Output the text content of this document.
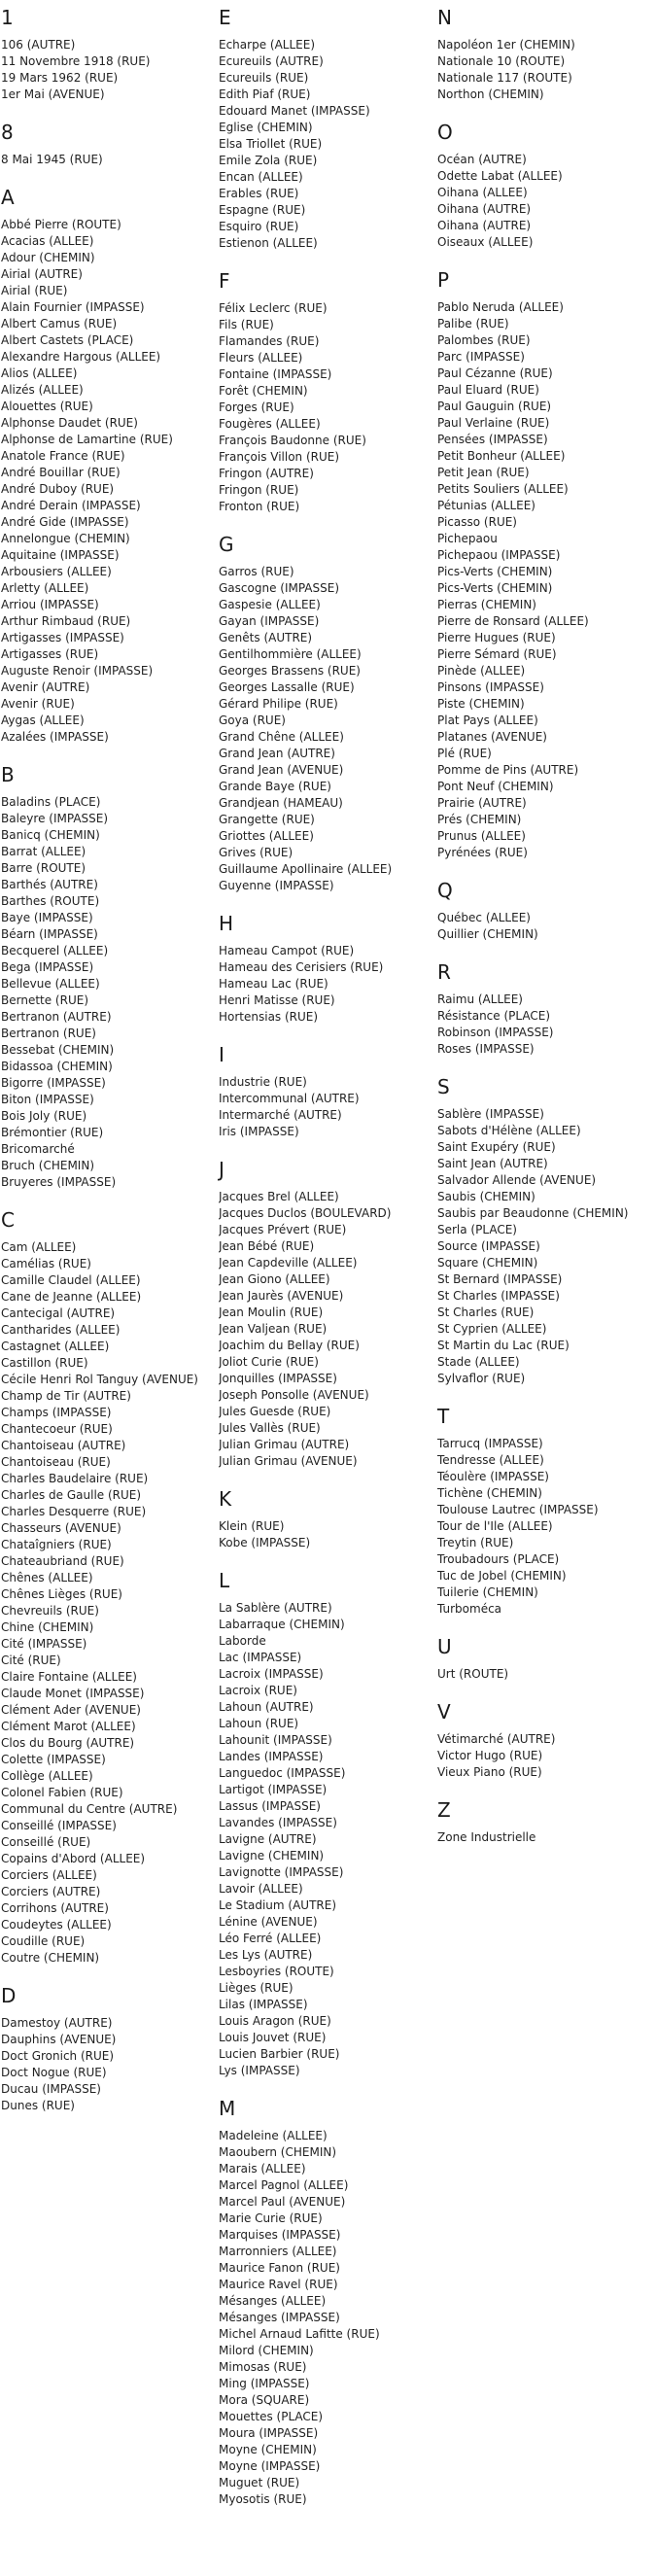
1
106 (AUTRE)
11 Novembre 1918 (RUE)
19 Mars 1962 (RUE)
1er Mai (AVENUE)
8
8 Mai 1945 (RUE)
A
Abbé Pierre (ROUTE)
Acacias (ALLEE)
Adour (CHEMIN)
Airial (AUTRE)
Airial (RUE)
Alain Fournier (IMPASSE)
Albert Camus (RUE)
Albert Castets (PLACE)
Alexandre Hargous (ALLEE)
Alios (ALLEE)
Alizés (ALLEE)
Alouettes (RUE)
Alphonse Daudet (RUE)
Alphonse de Lamartine (RUE)
Anatole France (RUE)
André Bouillar (RUE)
André Duboy (RUE)
André Derain (IMPASSE)
André Gide (IMPASSE)
Annelongue (CHEMIN)
Aquitaine (IMPASSE)
Arbousiers (ALLEE)
Arletty (ALLEE)
Arriou (IMPASSE)
Arthur Rimbaud (RUE)
Artigasses (IMPASSE)
Artigasses (RUE)
Auguste Renoir (IMPASSE)
Avenir (AUTRE)
Avenir (RUE)
Aygas (ALLEE)
Azalées (IMPASSE)
B
Baladins (PLACE)
Baleyre (IMPASSE)
Banicq (CHEMIN)
Barrat (ALLEE)
Barre (ROUTE)
Barthés (AUTRE)
Barthes (ROUTE)
Baye (IMPASSE)
Béarn (IMPASSE)
Becquerel (ALLEE)
Bega (IMPASSE)
Bellevue (ALLEE)
Bernette (RUE)
Bertranon (AUTRE)
Bertranon (RUE)
Bessebat (CHEMIN)
Bidassoa (CHEMIN)
Bigorre (IMPASSE)
Biton (IMPASSE)
Bois Joly (RUE)
Brémontier (RUE)
Bricomarché
Bruch (CHEMIN)
Bruyeres (IMPASSE)
C
Cam (ALLEE)
Camélias (RUE)
Camille Claudel (ALLEE)
Cane de Jeanne (ALLEE)
Cantecigal (AUTRE)
Cantharides (ALLEE)
Castagnet (ALLEE)
Castillon (RUE)
Cécile Henri Rol Tanguy (AVENUE)
Champ de Tir (AUTRE)
Champs (IMPASSE)
Chantecoeur (RUE)
Chantoiseau (AUTRE)
Chantoiseau (RUE)
Charles Baudelaire (RUE)
Charles de Gaulle (RUE)
Charles Desquerre (RUE)
Chasseurs (AVENUE)
Chataîgniers (RUE)
Chateaubriand (RUE)
Chênes (ALLEE)
Chênes Lièges (RUE)
Chevreuils (RUE)
Chine (CHEMIN)
Cité (IMPASSE)
Cité (RUE)
Claire Fontaine (ALLEE)
Claude Monet (IMPASSE)
Clément Ader (AVENUE)
Clément Marot (ALLEE)
Clos du Bourg (AUTRE)
Colette (IMPASSE)
Collège (ALLEE)
Colonel Fabien (RUE)
Communal du Centre (AUTRE)
Conseillé (IMPASSE)
Conseillé (RUE)
Copains d'Abord (ALLEE)
Corciers (ALLEE)
Corciers (AUTRE)
Corrihons (AUTRE)
Coudeytes (ALLEE)
Coudille (RUE)
Coutre (CHEMIN)
D
Damestoy (AUTRE)
Dauphins (AVENUE)
Doct Gronich (RUE)
Doct Nogue (RUE)
Ducau (IMPASSE)
Dunes (RUE)
E
Echarpe (ALLEE)
Ecureuils (AUTRE)
Ecureuils (RUE)
Edith Piaf (RUE)
Edouard Manet (IMPASSE)
Eglise (CHEMIN)
Elsa Triollet (RUE)
Emile Zola (RUE)
Encan (ALLEE)
Erables (RUE)
Espagne (RUE)
Esquiro (RUE)
Estienon (ALLEE)
F
Félix Leclerc (RUE)
Fils (RUE)
Flamandes (RUE)
Fleurs (ALLEE)
Fontaine (IMPASSE)
Forêt (CHEMIN)
Forges (RUE)
Fougères (ALLEE)
François Baudonne (RUE)
François Villon (RUE)
Fringon (AUTRE)
Fringon (RUE)
Fronton (RUE)
G
Garros (RUE)
Gascogne (IMPASSE)
Gaspesie (ALLEE)
Gayan (IMPASSE)
Genêts (AUTRE)
Gentilhommière (ALLEE)
Georges Brassens (RUE)
Georges Lassalle (RUE)
Gérard Philipe (RUE)
Goya (RUE)
Grand Chêne (ALLEE)
Grand Jean (AUTRE)
Grand Jean (AVENUE)
Grande Baye (RUE)
Grandjean (HAMEAU)
Grangette (RUE)
Griottes (ALLEE)
Grives (RUE)
Guillaume Apollinaire (ALLEE)
Guyenne (IMPASSE)
H
Hameau Campot (RUE)
Hameau des Cerisiers (RUE)
Hameau Lac (RUE)
Henri Matisse (RUE)
Hortensias (RUE)
I
Industrie (RUE)
Intercommunal (AUTRE)
Intermarché (AUTRE)
Iris (IMPASSE)
J
Jacques Brel (ALLEE)
Jacques Duclos (BOULEVARD)
Jacques Prévert (RUE)
Jean Bébé (RUE)
Jean Capdeville (ALLEE)
Jean Giono (ALLEE)
Jean Jaurès (AVENUE)
Jean Moulin (RUE)
Jean Valjean (RUE)
Joachim du Bellay (RUE)
Joliot Curie (RUE)
Jonquilles (IMPASSE)
Joseph Ponsolle (AVENUE)
Jules Guesde (RUE)
Jules Vallès (RUE)
Julian Grimau (AUTRE)
Julian Grimau (AVENUE)
K
Klein (RUE)
Kobe (IMPASSE)
L
La Sablère (AUTRE)
Labarraque (CHEMIN)
Laborde
Lac (IMPASSE)
Lacroix (IMPASSE)
Lacroix (RUE)
Lahoun (AUTRE)
Lahoun (RUE)
Lahounit (IMPASSE)
Landes (IMPASSE)
Languedoc (IMPASSE)
Lartigot (IMPASSE)
Lassus (IMPASSE)
Lavandes (IMPASSE)
Lavigne (AUTRE)
Lavigne (CHEMIN)
Lavignotte (IMPASSE)
Lavoir (ALLEE)
Le Stadium (AUTRE)
Lénine (AVENUE)
Léo Ferré (ALLEE)
Les Lys (AUTRE)
Lesboyries (ROUTE)
Lièges (RUE)
Lilas (IMPASSE)
Louis Aragon (RUE)
Louis Jouvet (RUE)
Lucien Barbier (RUE)
Lys (IMPASSE)
M
Madeleine (ALLEE)
Maoubern (CHEMIN)
Marais (ALLEE)
Marcel Pagnol (ALLEE)
Marcel Paul (AVENUE)
Marie Curie (RUE)
Marquises (IMPASSE)
Marronniers (ALLEE)
Maurice Fanon (RUE)
Maurice Ravel (RUE)
Mésanges (ALLEE)
Mésanges (IMPASSE)
Michel Arnaud Lafitte (RUE)
Milord (CHEMIN)
Mimosas (RUE)
Ming (IMPASSE)
Mora (SQUARE)
Mouettes (PLACE)
Moura (IMPASSE)
Moyne (CHEMIN)
Moyne (IMPASSE)
Muguet (RUE)
Myosotis (RUE)
N
Napoléon 1er (CHEMIN)
Nationale 10 (ROUTE)
Nationale 117 (ROUTE)
Northon (CHEMIN)
O
Océan (AUTRE)
Odette Labat (ALLEE)
Oihana (ALLEE)
Oihana (AUTRE)
Oihana (AUTRE)
Oiseaux (ALLEE)
P
Pablo Neruda (ALLEE)
Palibe (RUE)
Palombes (RUE)
Parc (IMPASSE)
Paul Cézanne (RUE)
Paul Eluard (RUE)
Paul Gauguin (RUE)
Paul Verlaine (RUE)
Pensées (IMPASSE)
Petit Bonheur (ALLEE)
Petit Jean (RUE)
Petits Souliers (ALLEE)
Pétunias (ALLEE)
Picasso (RUE)
Pichepaou
Pichepaou (IMPASSE)
Pics-Verts (CHEMIN)
Pics-Verts (CHEMIN)
Pierras (CHEMIN)
Pierre de Ronsard (ALLEE)
Pierre Hugues (RUE)
Pierre Sémard (RUE)
Pinède (ALLEE)
Pinsons (IMPASSE)
Piste (CHEMIN)
Plat Pays (ALLEE)
Platanes (AVENUE)
Plé (RUE)
Pomme de Pins (AUTRE)
Pont Neuf (CHEMIN)
Prairie (AUTRE)
Prés (CHEMIN)
Prunus (ALLEE)
Pyrénées (RUE)
Q
Québec (ALLEE)
Quillier (CHEMIN)
R
Raimu (ALLEE)
Résistance (PLACE)
Robinson (IMPASSE)
Roses (IMPASSE)
S
Sablère (IMPASSE)
Sabots d'Hélène (ALLEE)
Saint Exupéry (RUE)
Saint Jean (AUTRE)
Salvador Allende (AVENUE)
Saubis (CHEMIN)
Saubis par Beaudonne (CHEMIN)
Serla (PLACE)
Source (IMPASSE)
Square (CHEMIN)
St Bernard (IMPASSE)
St Charles (IMPASSE)
St Charles (RUE)
St Cyprien (ALLEE)
St Martin du Lac (RUE)
Stade (ALLEE)
Sylvaflor (RUE)
T
Tarrucq (IMPASSE)
Tendresse (ALLEE)
Téoulère (IMPASSE)
Tichène (CHEMIN)
Toulouse Lautrec (IMPASSE)
Tour de l'Ile (ALLEE)
Treytin (RUE)
Troubadours (PLACE)
Tuc de Jobel (CHEMIN)
Tuilerie (CHEMIN)
Turboméca
U
Urt (ROUTE)
V
Vétimarché (AUTRE)
Victor Hugo (RUE)
Vieux Piano (RUE)
Z
Zone Industrielle
